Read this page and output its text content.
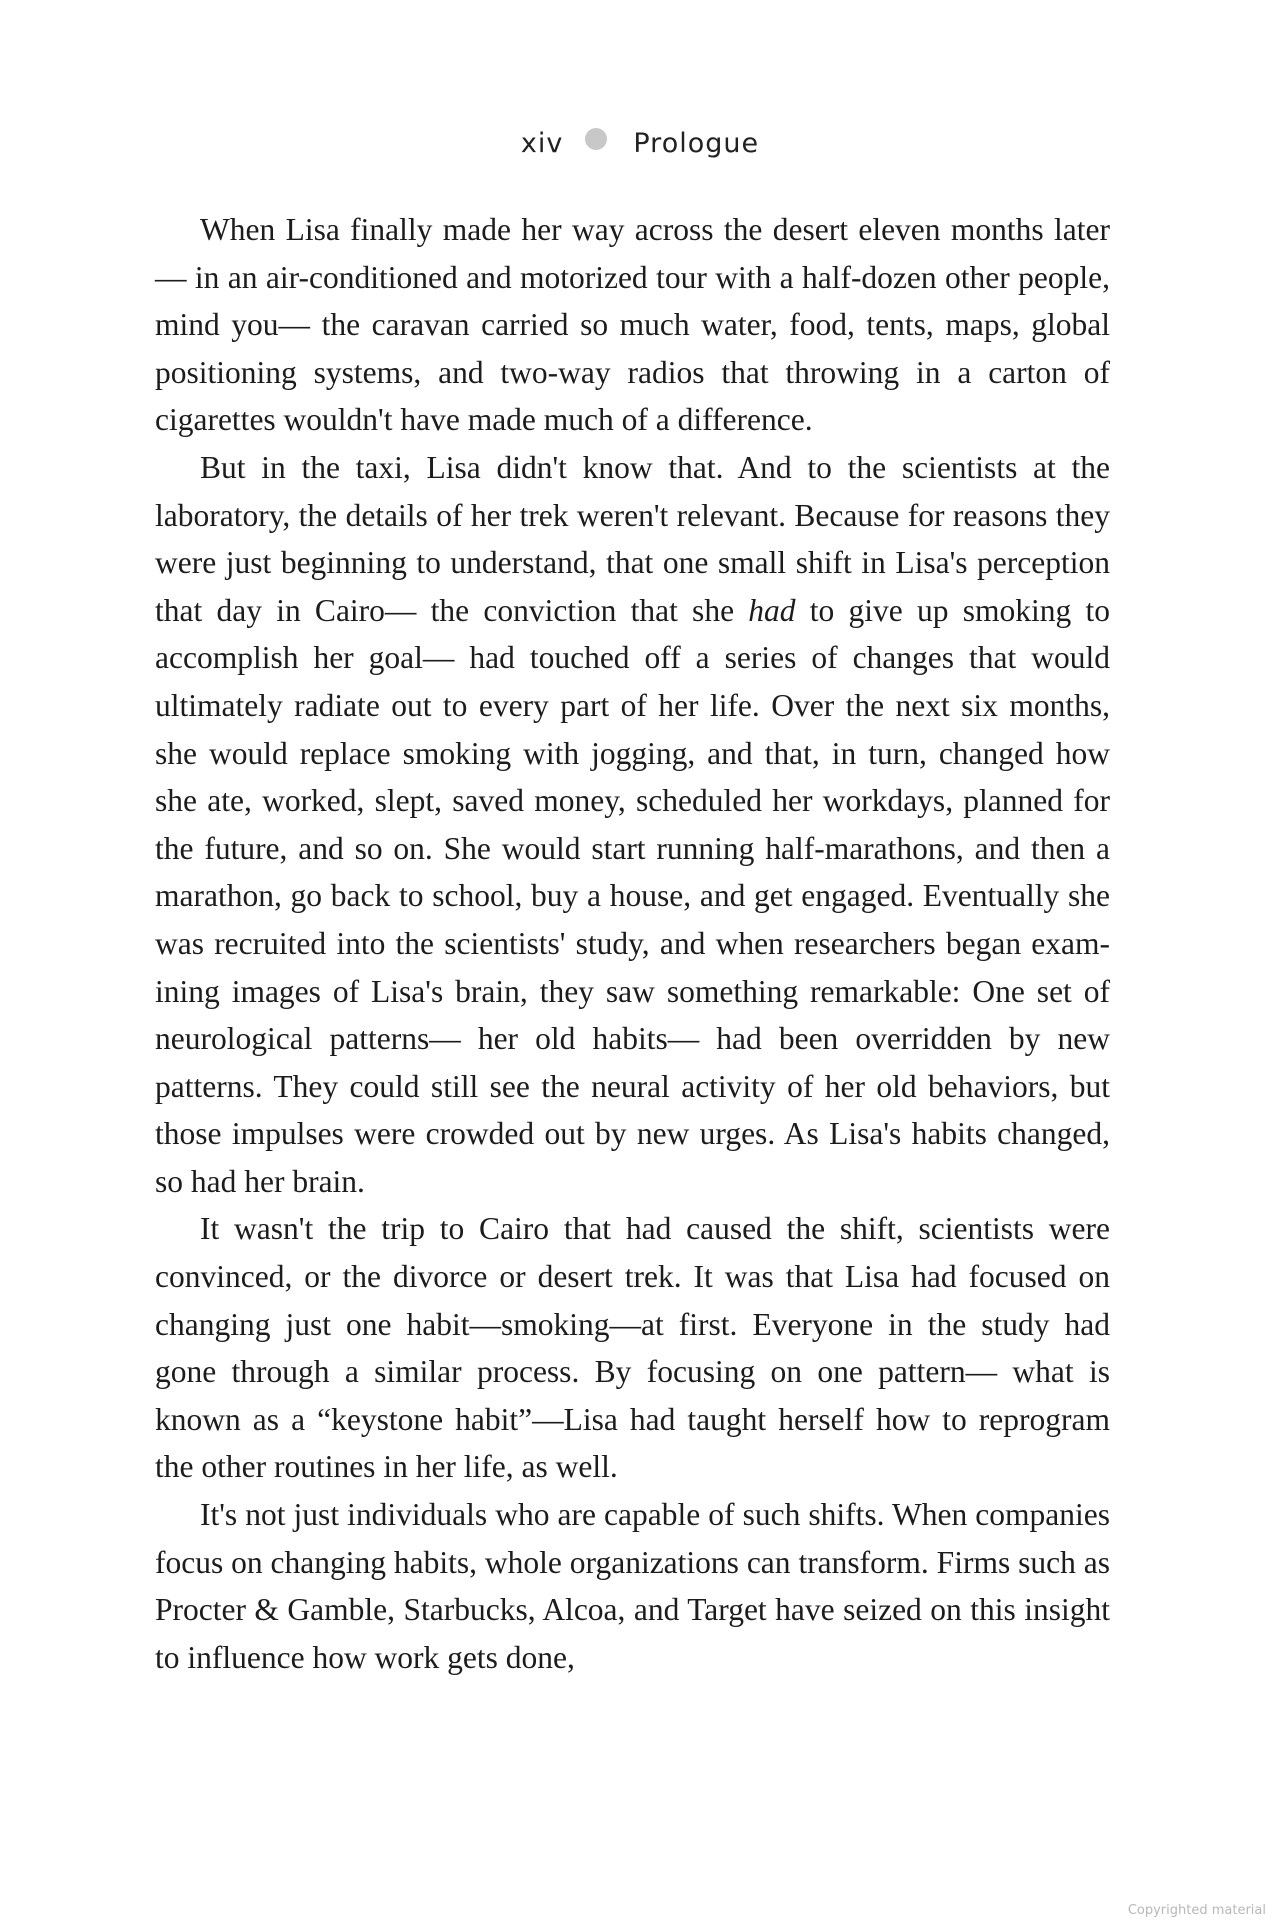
xiv	Prologue

When Lisa finally made her way across the desert eleven months later— in an air-conditioned and motorized tour with a half-dozen other people, mind you— the caravan carried so much water, food, tents, maps, global positioning systems, and two-way radios that throwing in a carton of cigarettes wouldn't have made much of a difference.

But in the taxi, Lisa didn't know that. And to the scientists at the laboratory, the details of her trek weren't relevant. Because for reasons they were just beginning to understand, that one small shift in Lisa's perception that day in Cairo— the conviction that she had to give up smoking to accomplish her goal— had touched off a series of changes that would ultimately radiate out to every part of her life. Over the next six months, she would replace smoking with jogging, and that, in turn, changed how she ate, worked, slept, saved money, scheduled her workdays, planned for the future, and so on. She would start running half-marathons, and then a marathon, go back to school, buy a house, and get engaged. Eventually she was recruited into the scientists' study, and when researchers began examining images of Lisa's brain, they saw something remarkable: One set of neurological patterns— her old habits— had been overridden by new patterns. They could still see the neural activity of her old behaviors, but those impulses were crowded out by new urges. As Lisa's habits changed, so had her brain.

It wasn't the trip to Cairo that had caused the shift, scientists were convinced, or the divorce or desert trek. It was that Lisa had focused on changing just one habit—smoking—at first. Everyone in the study had gone through a similar process. By focusing on one pattern— what is known as a “keystone habit”—Lisa had taught herself how to reprogram the other routines in her life, as well.

It's not just individuals who are capable of such shifts. When companies focus on changing habits, whole organizations can transform. Firms such as Procter & Gamble, Starbucks, Alcoa, and Target have seized on this insight to influence how work gets done,

Copyrighted material
